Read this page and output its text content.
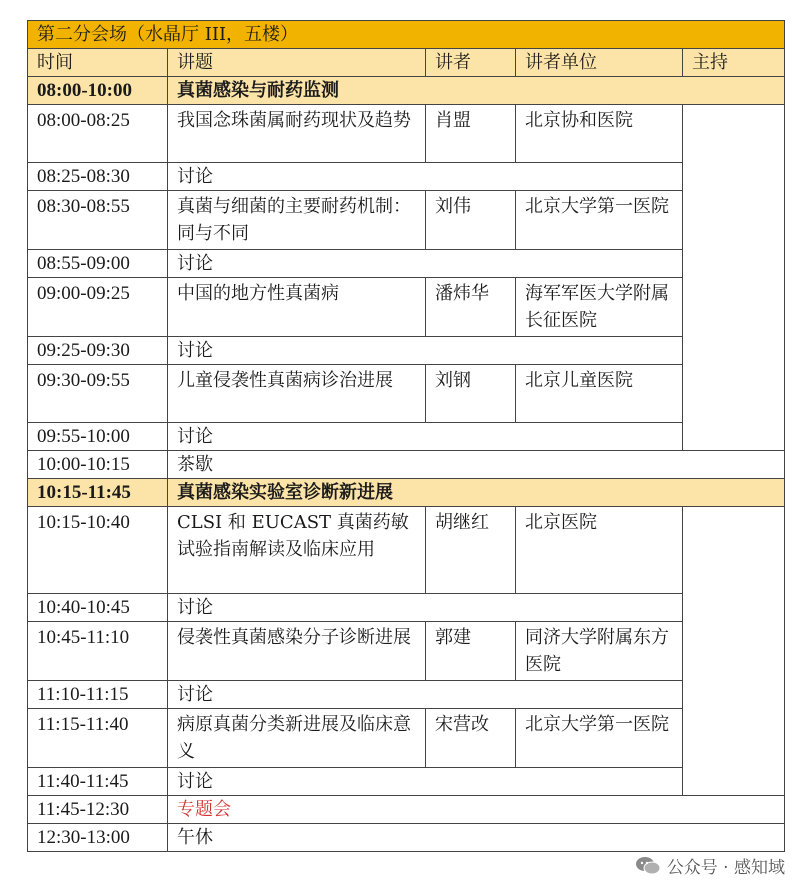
第二分会场（水晶厅 III，五楼）				
时间	讲题	讲者	讲者单位	主持
08:00-10:00	真菌感染与耐药监测			
08:00-08:25	我国念珠菌属耐药现状及趋势	肖盟	北京协和医院	
08:25-08:30	讨论			
08:30-08:55	真菌与细菌的主要耐药机制：同与不同	刘伟	北京大学第一医院	
08:55-09:00	讨论			
09:00-09:25	中国的地方性真菌病	潘炜华	海军军医大学附属长征医院	
09:25-09:30	讨论			
09:30-09:55	儿童侵袭性真菌病诊治进展	刘钢	北京儿童医院	
09:55-10:00	讨论			
10:00-10:15	茶歇			
10:15-11:45	真菌感染实验室诊断新进展			
10:15-10:40	CLSI 和 EUCAST 真菌药敏试验指南解读及临床应用	胡继红	北京医院	
10:40-10:45	讨论			
10:45-11:10	侵袭性真菌感染分子诊断进展	郭建	同济大学附属东方医院	
11:10-11:15	讨论			
11:15-11:40	病原真菌分类新进展及临床意义	宋营改	北京大学第一医院	
11:40-11:45	讨论			
11:45-12:30	专题会			
12:30-13:00	午休			
公众号 · 感知域
